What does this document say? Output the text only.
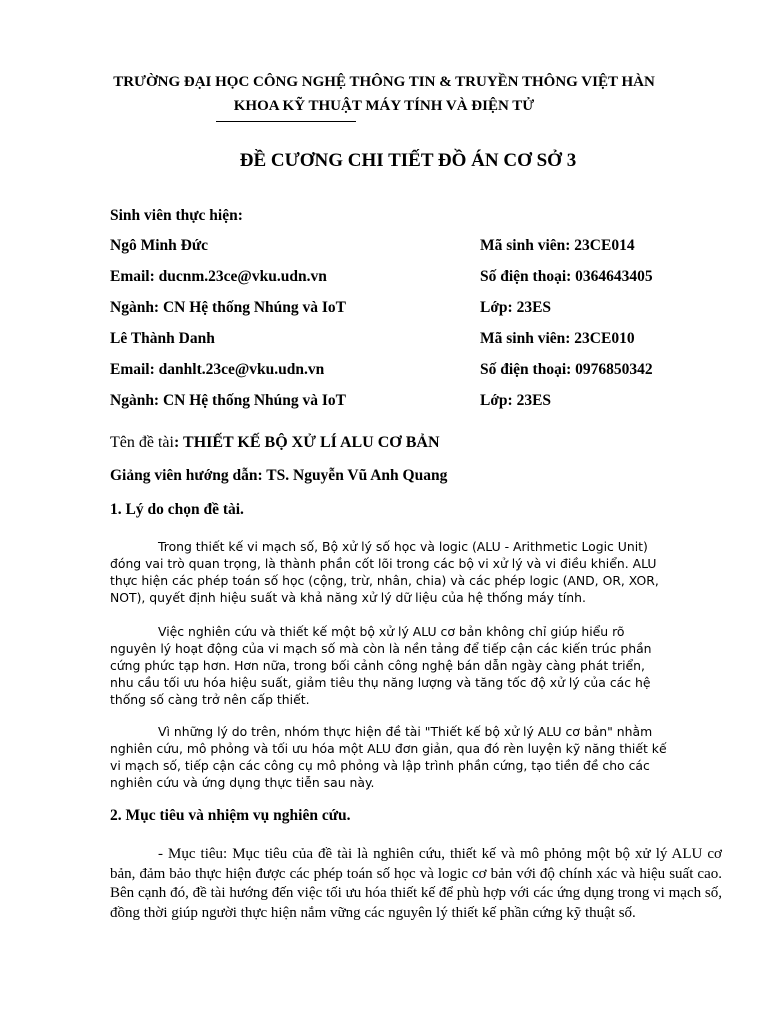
TRƯỜNG ĐẠI HỌC CÔNG NGHỆ THÔNG TIN & TRUYỀN THÔNG VIỆT HÀN
KHOA KỸ THUẬT MÁY TÍNH VÀ ĐIỆN TỬ
ĐỀ CƯƠNG CHI TIẾT ĐỒ ÁN CƠ SỞ 3
Sinh viên thực hiện:
Ngô Minh Đức	Mã sinh viên: 23CE014
Email: ducnm.23ce@vku.udn.vn	Số điện thoại: 0364643405
Ngành: CN Hệ thống Nhúng và IoT	Lớp: 23ES
Lê Thành Danh	Mã sinh viên: 23CE010
Email: danhlt.23ce@vku.udn.vn	Số điện thoại: 0976850342
Ngành: CN Hệ thống Nhúng và IoT	Lớp: 23ES
Tên đề tài: THIẾT KẾ BỘ XỬ LÍ ALU CƠ BẢN
Giảng viên hướng dẫn: TS. Nguyễn Vũ Anh Quang
1. Lý do chọn đề tài.

Trong thiết kế vi mạch số, Bộ xử lý số học và logic (ALU - Arithmetic Logic Unit) đóng vai trò quan trọng, là thành phần cốt lõi trong các bộ vi xử lý và vi điều khiển. ALU thực hiện các phép toán số học (cộng, trừ, nhân, chia) và các phép logic (AND, OR, XOR, NOT), quyết định hiệu suất và khả năng xử lý dữ liệu của hệ thống máy tính.

Việc nghiên cứu và thiết kế một bộ xử lý ALU cơ bản không chỉ giúp hiểu rõ nguyên lý hoạt động của vi mạch số mà còn là nền tảng để tiếp cận các kiến trúc phần cứng phức tạp hơn. Hơn nữa, trong bối cảnh công nghệ bán dẫn ngày càng phát triển, nhu cầu tối ưu hóa hiệu suất, giảm tiêu thụ năng lượng và tăng tốc độ xử lý của các hệ thống số càng trở nên cấp thiết.

Vì những lý do trên, nhóm thực hiện đề tài "Thiết kế bộ xử lý ALU cơ bản" nhằm nghiên cứu, mô phỏng và tối ưu hóa một ALU đơn giản, qua đó rèn luyện kỹ năng thiết kế vi mạch số, tiếp cận các công cụ mô phỏng và lập trình phần cứng, tạo tiền đề cho các nghiên cứu và ứng dụng thực tiễn sau này.

2. Mục tiêu và nhiệm vụ nghiên cứu.

- Mục tiêu: Mục tiêu của đề tài là nghiên cứu, thiết kế và mô phỏng một bộ xử lý ALU cơ bản, đảm bảo thực hiện được các phép toán số học và logic cơ bản với độ chính xác và hiệu suất cao. Bên cạnh đó, đề tài hướng đến việc tối ưu hóa thiết kế để phù hợp với các ứng dụng trong vi mạch số, đồng thời giúp người thực hiện nắm vững các nguyên lý thiết kế phần cứng kỹ thuật số.
